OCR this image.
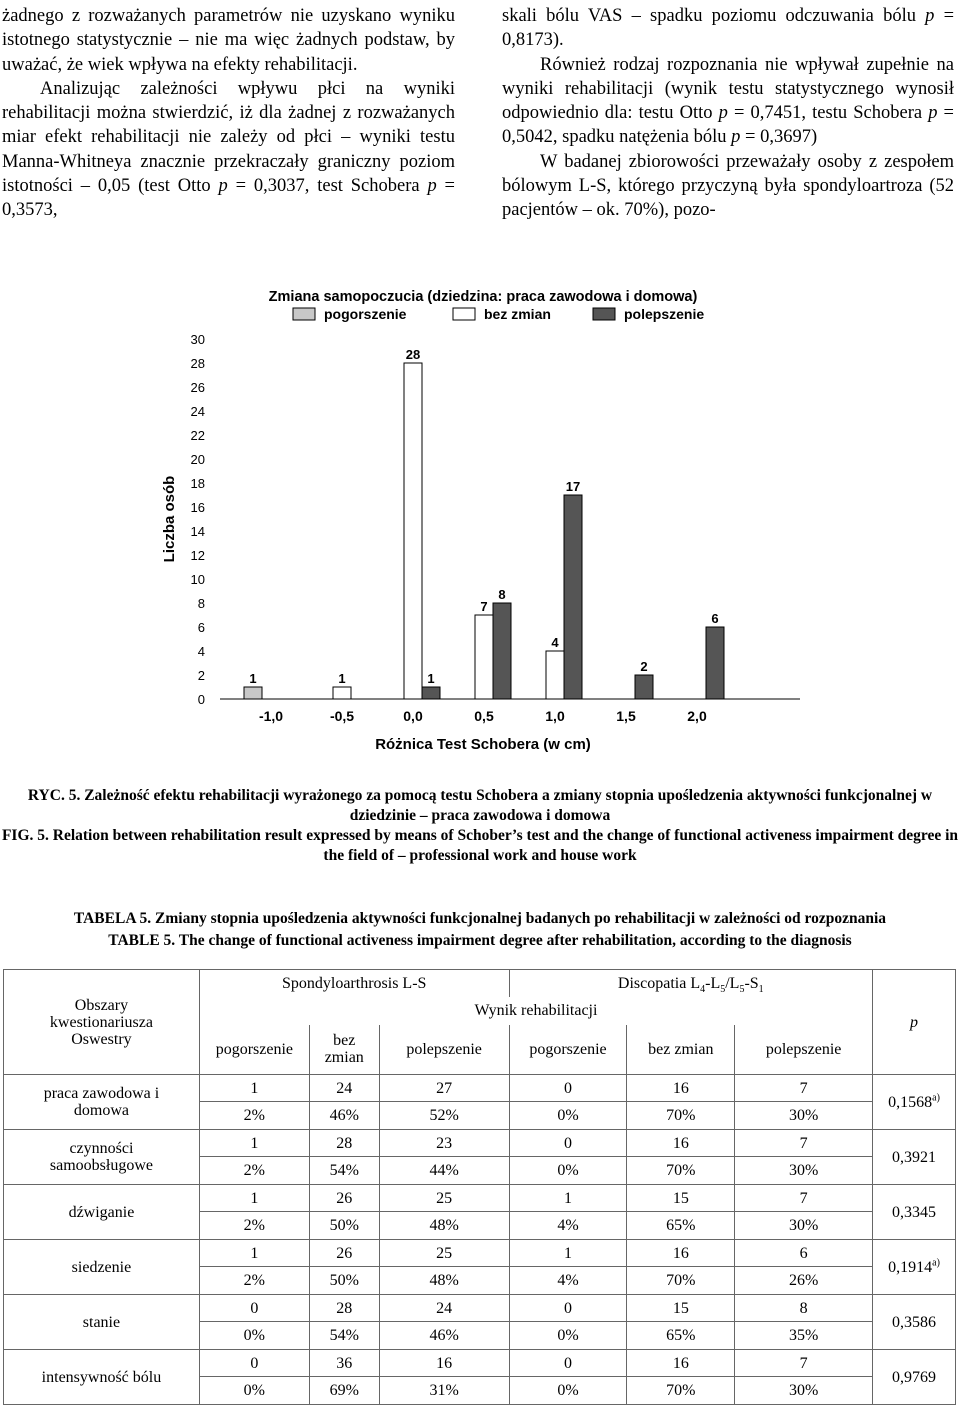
żadnego z rozważanych parametrów nie uzyskano wyniku istotnego statystycznie – nie ma więc żadnych podstaw, by uważać, że wiek wpływa na efekty rehabilitacji.

Analizując zależności wpływu płci na wyniki rehabilitacji można stwierdzić, iż dla żadnej z rozważanych miar efekt rehabilitacji nie zależy od płci – wyniki testu Manna-Whitneya znacznie przekraczały graniczny poziom istotności – 0,05 (test Otto p = 0,3037, test Schobera p = 0,3573,

skali bólu VAS – spadku poziomu odczuwania bólu p = 0,8173).

Również rodzaj rozpoznania nie wpływał zupełnie na wyniki rehabilitacji (wynik testu statystycznego wynosił odpowiednio dla: testu Otto p = 0,7451, testu Schobera p = 0,5042, spadku natężenia bólu p = 0,3697)

W badanej zbiorowości przeważały osoby z zespołem bólowym L-S, którego przyczyną była spondyloartroza (52 pacjentów – ok. 70%), pozo-

Zmiana samopoczucia (dziedzina: praca zawodowa i domowa)
pogorszenie	bez zmian	polepszenie
0
2
4
6
8
10
12
14
16
18
20
22
24
26
28
30
Liczba osób
-1,0	-0,5	0,0	0,5	1,0	1,5	2,0
Różnica Test Schobera (w cm)
1	1
28
7
4
1
8
17
2
6
RYC. 5. Zależność efektu rehabilitacji wyrażonego za pomocą testu Schobera a zmiany stopnia upośledzenia aktywności funkcjonalnej w dziedzinie – praca zawodowa i domowa
FIG. 5. Relation between rehabilitation result expressed by means of Schober’s test and the change of functional activeness impairment degree in the field of – professional work and house work
TABELA 5. Zmiany stopnia upośledzenia aktywności funkcjonalnej badanych po rehabilitacji w zależności od rozpoznania
TABLE 5. The change of functional activeness impairment degree after rehabilitation, according to the diagnosis
Obszary kwestionariusza Oswestry	Spondyloarthrosis L-S			Discopatia $L_4-L_5/L_5-S_1$			p
	Wynik rehabilitacji						
	pogorszenie	bez zmian	polepszenie	pogorszenie	bez zmian	polepszenie	
praca zawodowa i domowa	1	24	27	0	16	7	0,1568$^{a)}$
	2%	46%	52%	0%	70%	30%	
czynności samoobsługowe	1	28	23	0	16	7	0,3921
	2%	54%	44%	0%	70%	30%	
dźwiganie	1	26	25	1	15	7	0,3345
	2%	50%	48%	4%	65%	30%	
siedzenie	1	26	25	1	16	6	0,1914$^{a)}$
	2%	50%	48%	4%	70%	26%	
stanie	0	28	24	0	15	8	0,3586
	0%	54%	46%	0%	65%	35%	
intensywność bólu	0	36	16	0	16	7	0,9769
	0%	69%	31%	0%	70%	30%	
